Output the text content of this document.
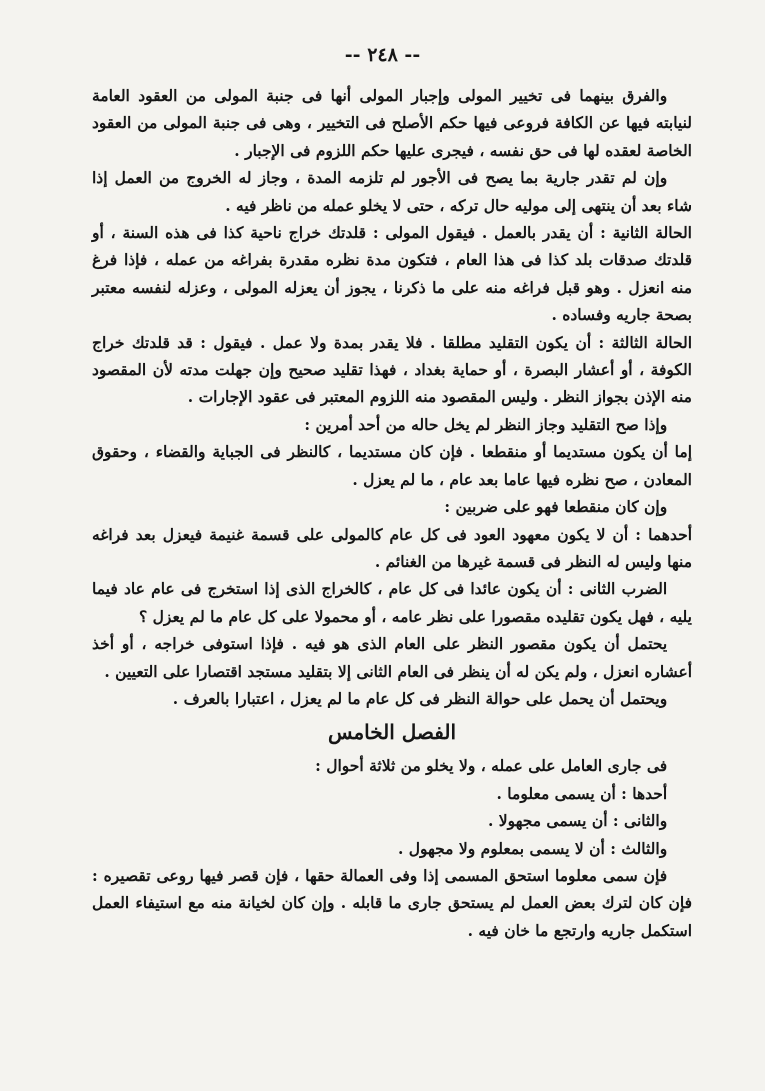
-- ٢٤٨ --

والفرق بينهما فى تخيير المولى وإجبار المولى أنها فى جنبة المولى من العقود العامة لنيابته فيها عن الكافة فروعى فيها حكم الأصلح فى التخيير ، وهى فى جنبة المولى من العقود الخاصة لعقده لها فى حق نفسه ، فيجرى عليها حكم اللزوم فى الإجبار .

وإن لم تقدر جارية بما يصح فى الأجور لم تلزمه المدة ، وجاز له الخروج من العمل إذا شاء بعد أن ينتهى إلى موليه حال تركه ، حتى لا يخلو عمله من ناظر فيه .

الحالة الثانية : أن يقدر بالعمل . فيقول المولى : قلدتك خراج ناحية كذا فى هذه السنة ، أو قلدتك صدقات بلد كذا فى هذا العام ، فتكون مدة نظره مقدرة بفراغه من عمله ، فإذا فرغ منه انعزل . وهو قبل فراغه منه على ما ذكرنا ، يجوز أن يعزله المولى ، وعزله لنفسه معتبر بصحة جاريه وفساده .

الحالة الثالثة : أن يكون التقليد مطلقا . فلا يقدر بمدة ولا عمل . فيقول : قد قلدتك خراج الكوفة ، أو أعشار البصرة ، أو حماية بغداد ، فهذا تقليد صحيح وإن جهلت مدته لأن المقصود منه الإذن بجواز النظر . وليس المقصود منه اللزوم المعتبر فى عقود الإجارات .

وإذا صح التقليد وجاز النظر لم يخل حاله من أحد أمرين :

إما أن يكون مستديما أو منقطعا . فإن كان مستديما ، كالنظر فى الجباية والقضاء ، وحقوق المعادن ، صح نظره فيها عاما بعد عام ، ما لم يعزل .

وإن كان منقطعا فهو على ضربين :

أحدهما : أن لا يكون معهود العود فى كل عام كالمولى على قسمة غنيمة فيعزل بعد فراغه منها وليس له النظر فى قسمة غيرها من الغنائم .

الضرب الثانى : أن يكون عائدا فى كل عام ، كالخراج الذى إذا استخرج فى عام عاد فيما يليه ، فهل يكون تقليده مقصورا على نظر عامه ، أو محمولا على كل عام ما لم يعزل ؟

يحتمل أن يكون مقصور النظر على العام الذى هو فيه . فإذا استوفى خراجه ، أو أخذ أعشاره انعزل ، ولم يكن له أن ينظر فى العام الثانى إلا بتقليد مستجد اقتصارا على التعيين .

ويحتمل أن يحمل على حوالة النظر فى كل عام ما لم يعزل ، اعتبارا بالعرف .

الفصل الخامس

فى جارى العامل على عمله ، ولا يخلو من ثلاثة أحوال :

أحدها : أن يسمى معلوما .

والثانى : أن يسمى مجهولا .

والثالث : أن لا يسمى بمعلوم ولا مجهول .

فإن سمى معلوما استحق المسمى إذا وفى العمالة حقها ، فإن قصر فيها روعى تقصيره : فإن كان لترك بعض العمل لم يستحق جارى ما قابله . وإن كان لخيانة منه مع استيفاء العمل استكمل جاريه وارتجع ما خان فيه .
